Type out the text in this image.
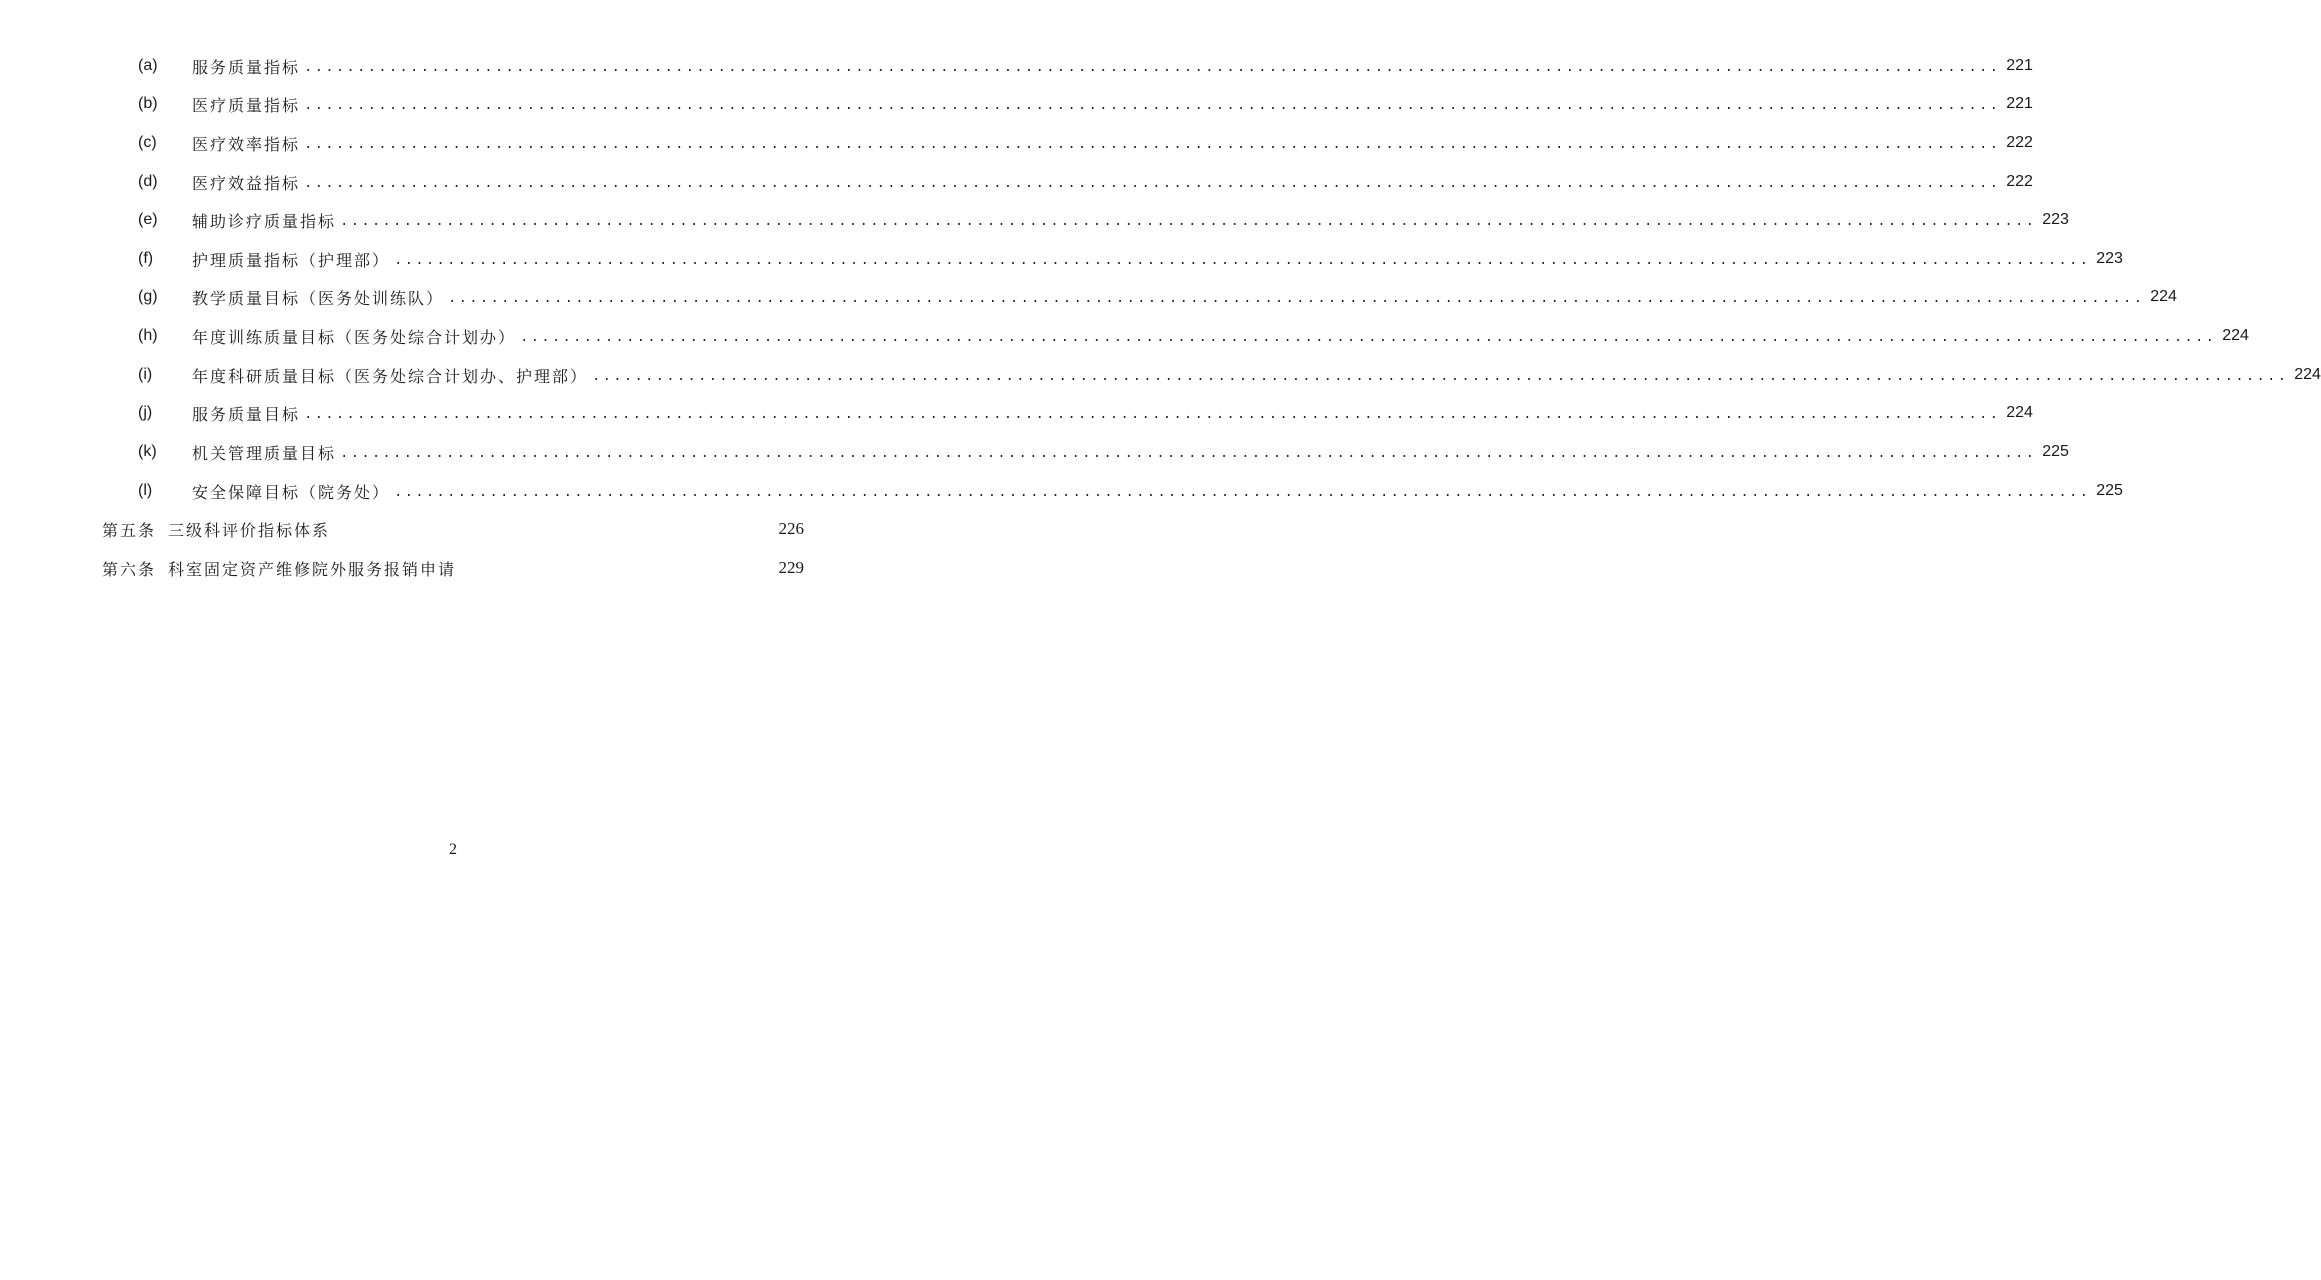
(a)	服务质量指标 ................................................................................................................................................................ 221
(b)	医疗质量指标 ................................................................................................................................................................ 221
(c)	医疗效率指标 ................................................................................................................................................................ 222
(d)	医疗效益指标 ................................................................................................................................................................ 222
(e)	辅助诊疗质量指标 ................................................................................................................................................................ 223
(f)	护理质量指标（护理部） ................................................................................................................................................................ 223
(g)	教学质量目标（医务处训练队） ................................................................................................................................................................ 224
(h)	年度训练质量目标（医务处综合计划办） ................................................................................................................................................................ 224
(i)	年度科研质量目标（医务处综合计划办、护理部） ................................................................................................................................................................ 224
(j)	服务质量目标 ................................................................................................................................................................ 224
(k)	机关管理质量目标 ................................................................................................................................................................ 225
(l)	安全保障目标（院务处） ................................................................................................................................................................ 225
第五条 三级科评价指标体系	226
第六条 科室固定资产维修院外服务报销申请	229
2
